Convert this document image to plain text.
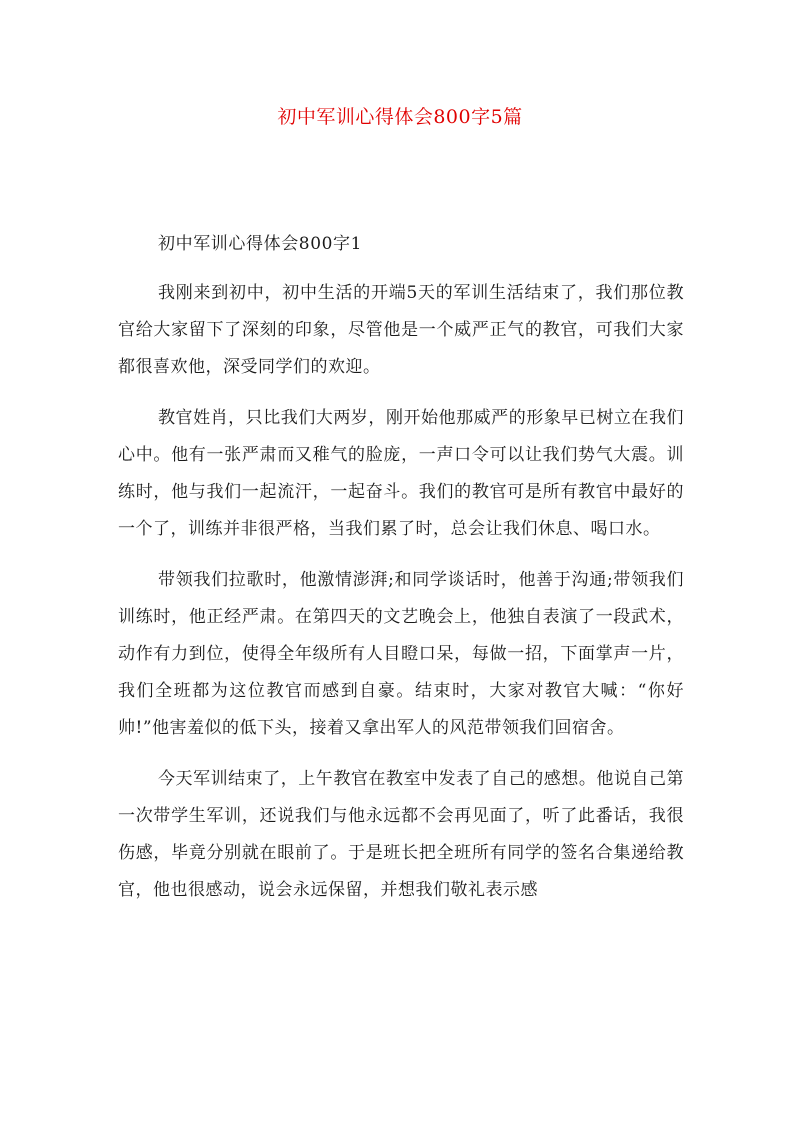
初中军训心得体会800字5篇

初中军训心得体会800字1

我刚来到初中，初中生活的开端5天的军训生活结束了，我们那位教官给大家留下了深刻的印象，尽管他是一个威严正气的教官，可我们大家都很喜欢他，深受同学们的欢迎。

教官姓肖，只比我们大两岁，刚开始他那威严的形象早已树立在我们心中。他有一张严肃而又稚气的脸庞，一声口令可以让我们势气大震。训练时，他与我们一起流汗，一起奋斗。我们的教官可是所有教官中最好的一个了，训练并非很严格，当我们累了时，总会让我们休息、喝口水。

带领我们拉歌时，他激情澎湃;和同学谈话时，他善于沟通;带领我们训练时，他正经严肃。在第四天的文艺晚会上，他独自表演了一段武术，动作有力到位，使得全年级所有人目瞪口呆，每做一招，下面掌声一片，我们全班都为这位教官而感到自豪。结束时，大家对教官大喊：“你好帅!”他害羞似的低下头，接着又拿出军人的风范带领我们回宿舍。

今天军训结束了，上午教官在教室中发表了自己的感想。他说自己第一次带学生军训，还说我们与他永远都不会再见面了，听了此番话，我很伤感，毕竟分别就在眼前了。于是班长把全班所有同学的签名合集递给教官，他也很感动，说会永远保留，并想我们敬礼表示感
